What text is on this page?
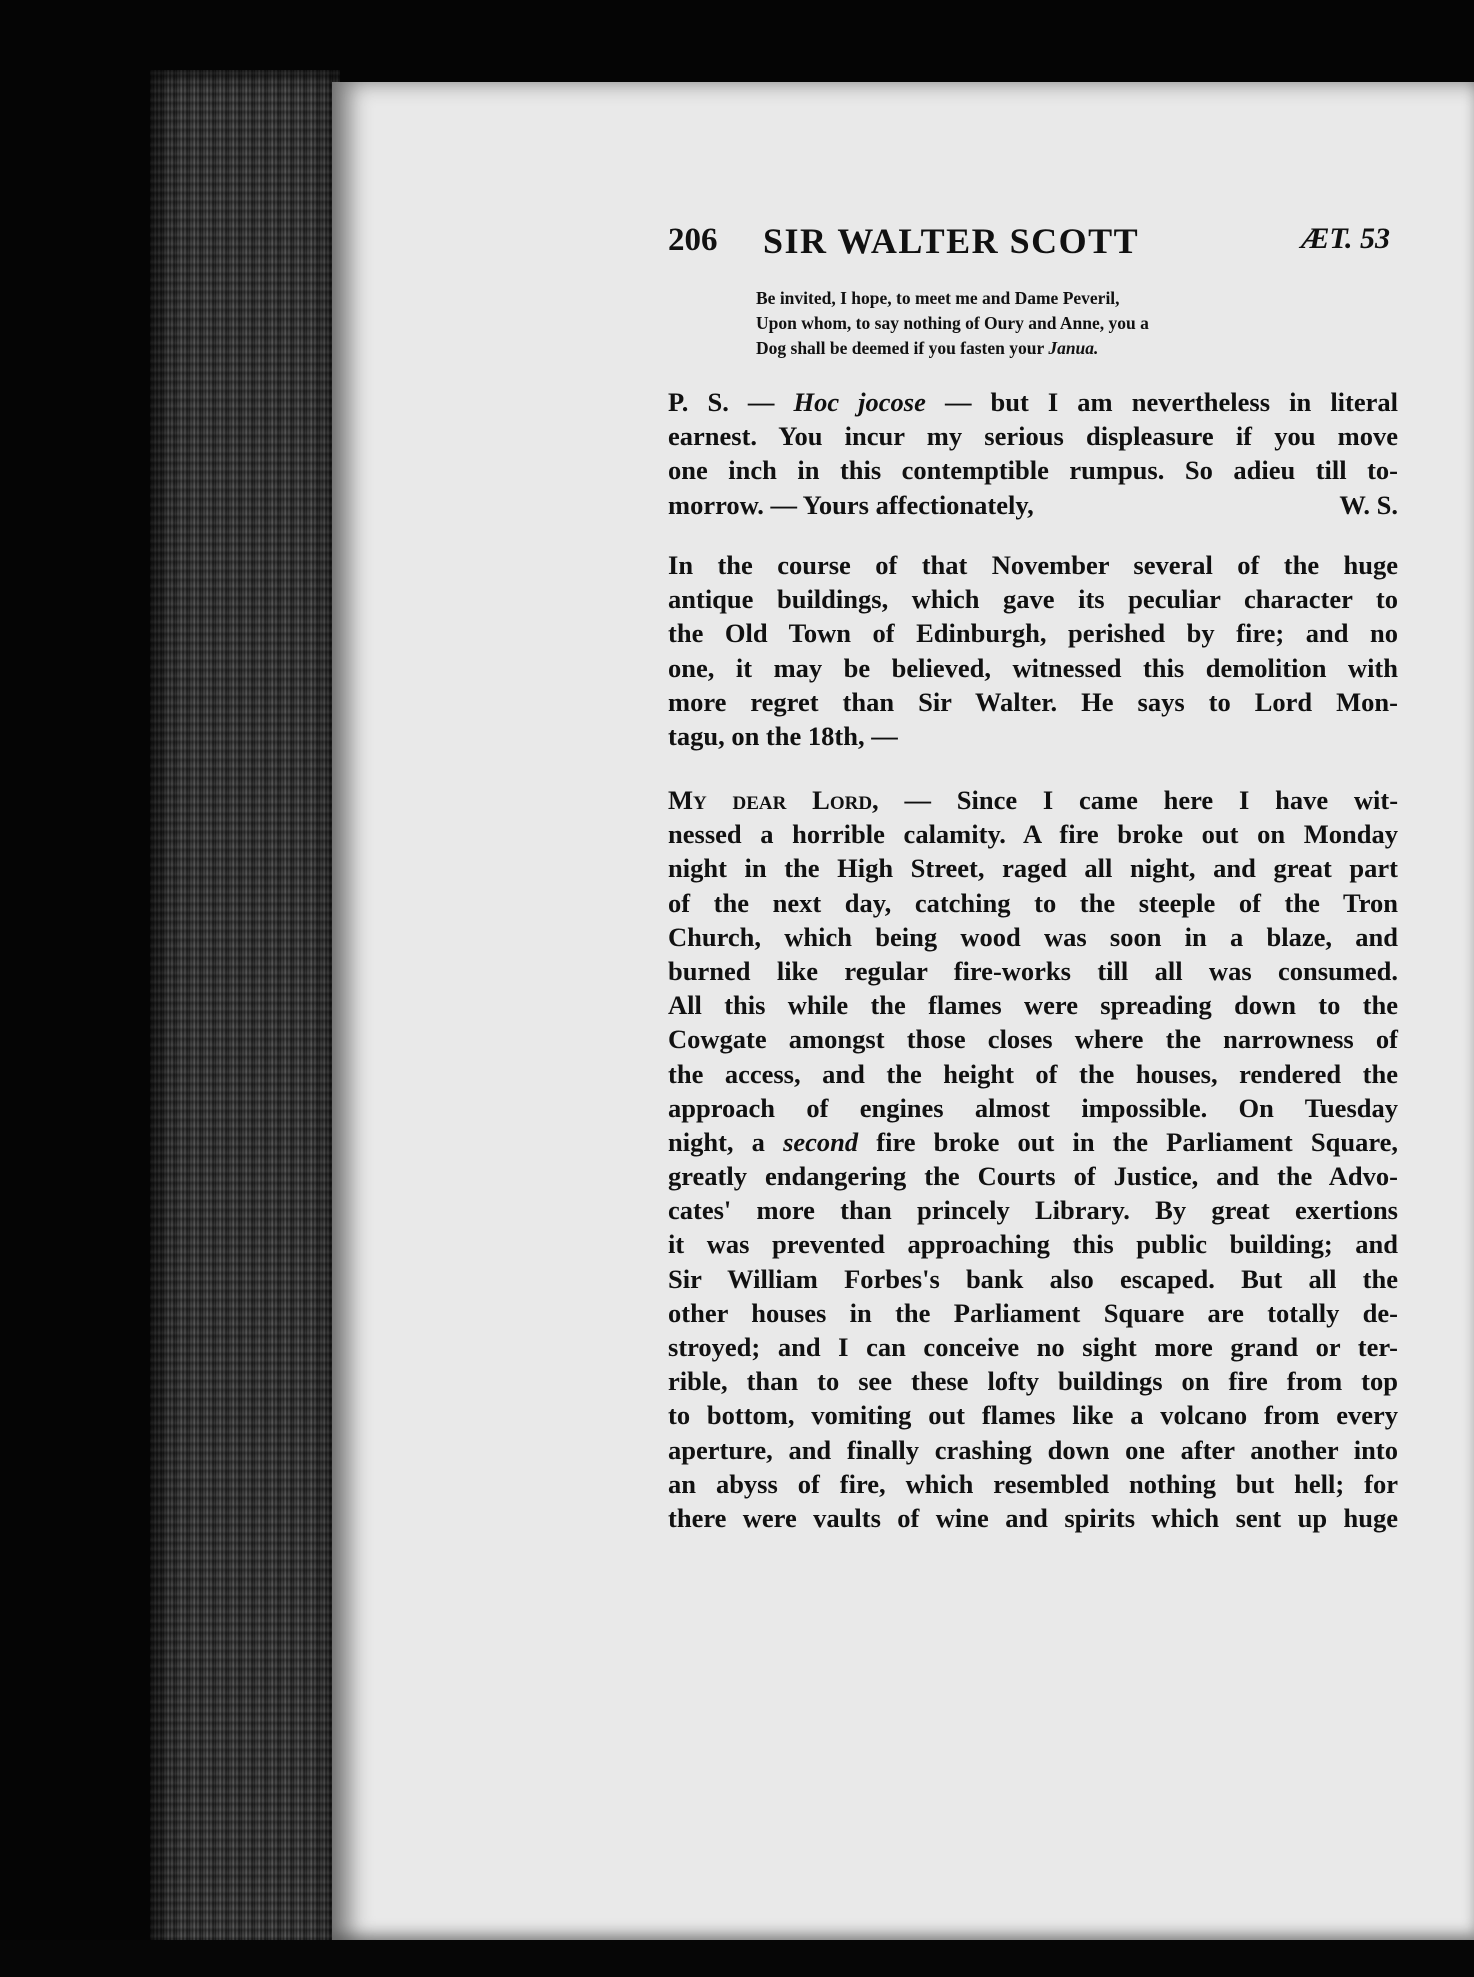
206 SIR WALTER SCOTT	ÆT. 53
Be invited, I hope, to meet me and Dame Peveril,
Upon whom, to say nothing of Oury and Anne, you a
Dog shall be deemed if you fasten your Janua.
P. S. — Hoc jocose — but I am nevertheless in literal
earnest. You incur my serious displeasure if you move
one inch in this contemptible rumpus. So adieu till to-
morrow. — Yours affectionately,	W. S.
In the course of that November several of the huge
antique buildings, which gave its peculiar character to
the Old Town of Edinburgh, perished by fire; and no
one, it may be believed, witnessed this demolition with
more regret than Sir Walter. He says to Lord Mon-
tagu, on the 18th, —
My dear Lord, — Since I came here I have wit-
nessed a horrible calamity. A fire broke out on Monday
night in the High Street, raged all night, and great part
of the next day, catching to the steeple of the Tron
Church, which being wood was soon in a blaze, and
burned like regular fire-works till all was consumed.
All this while the flames were spreading down to the
Cowgate amongst those closes where the narrowness of
the access, and the height of the houses, rendered the
approach of engines almost impossible. On Tuesday
night, a second fire broke out in the Parliament Square,
greatly endangering the Courts of Justice, and the Advo-
cates' more than princely Library. By great exertions
it was prevented approaching this public building; and
Sir William Forbes's bank also escaped. But all the
other houses in the Parliament Square are totally de-
stroyed; and I can conceive no sight more grand or ter-
rible, than to see these lofty buildings on fire from top
to bottom, vomiting out flames like a volcano from every
aperture, and finally crashing down one after another into
an abyss of fire, which resembled nothing but hell; for
there were vaults of wine and spirits which sent up huge
